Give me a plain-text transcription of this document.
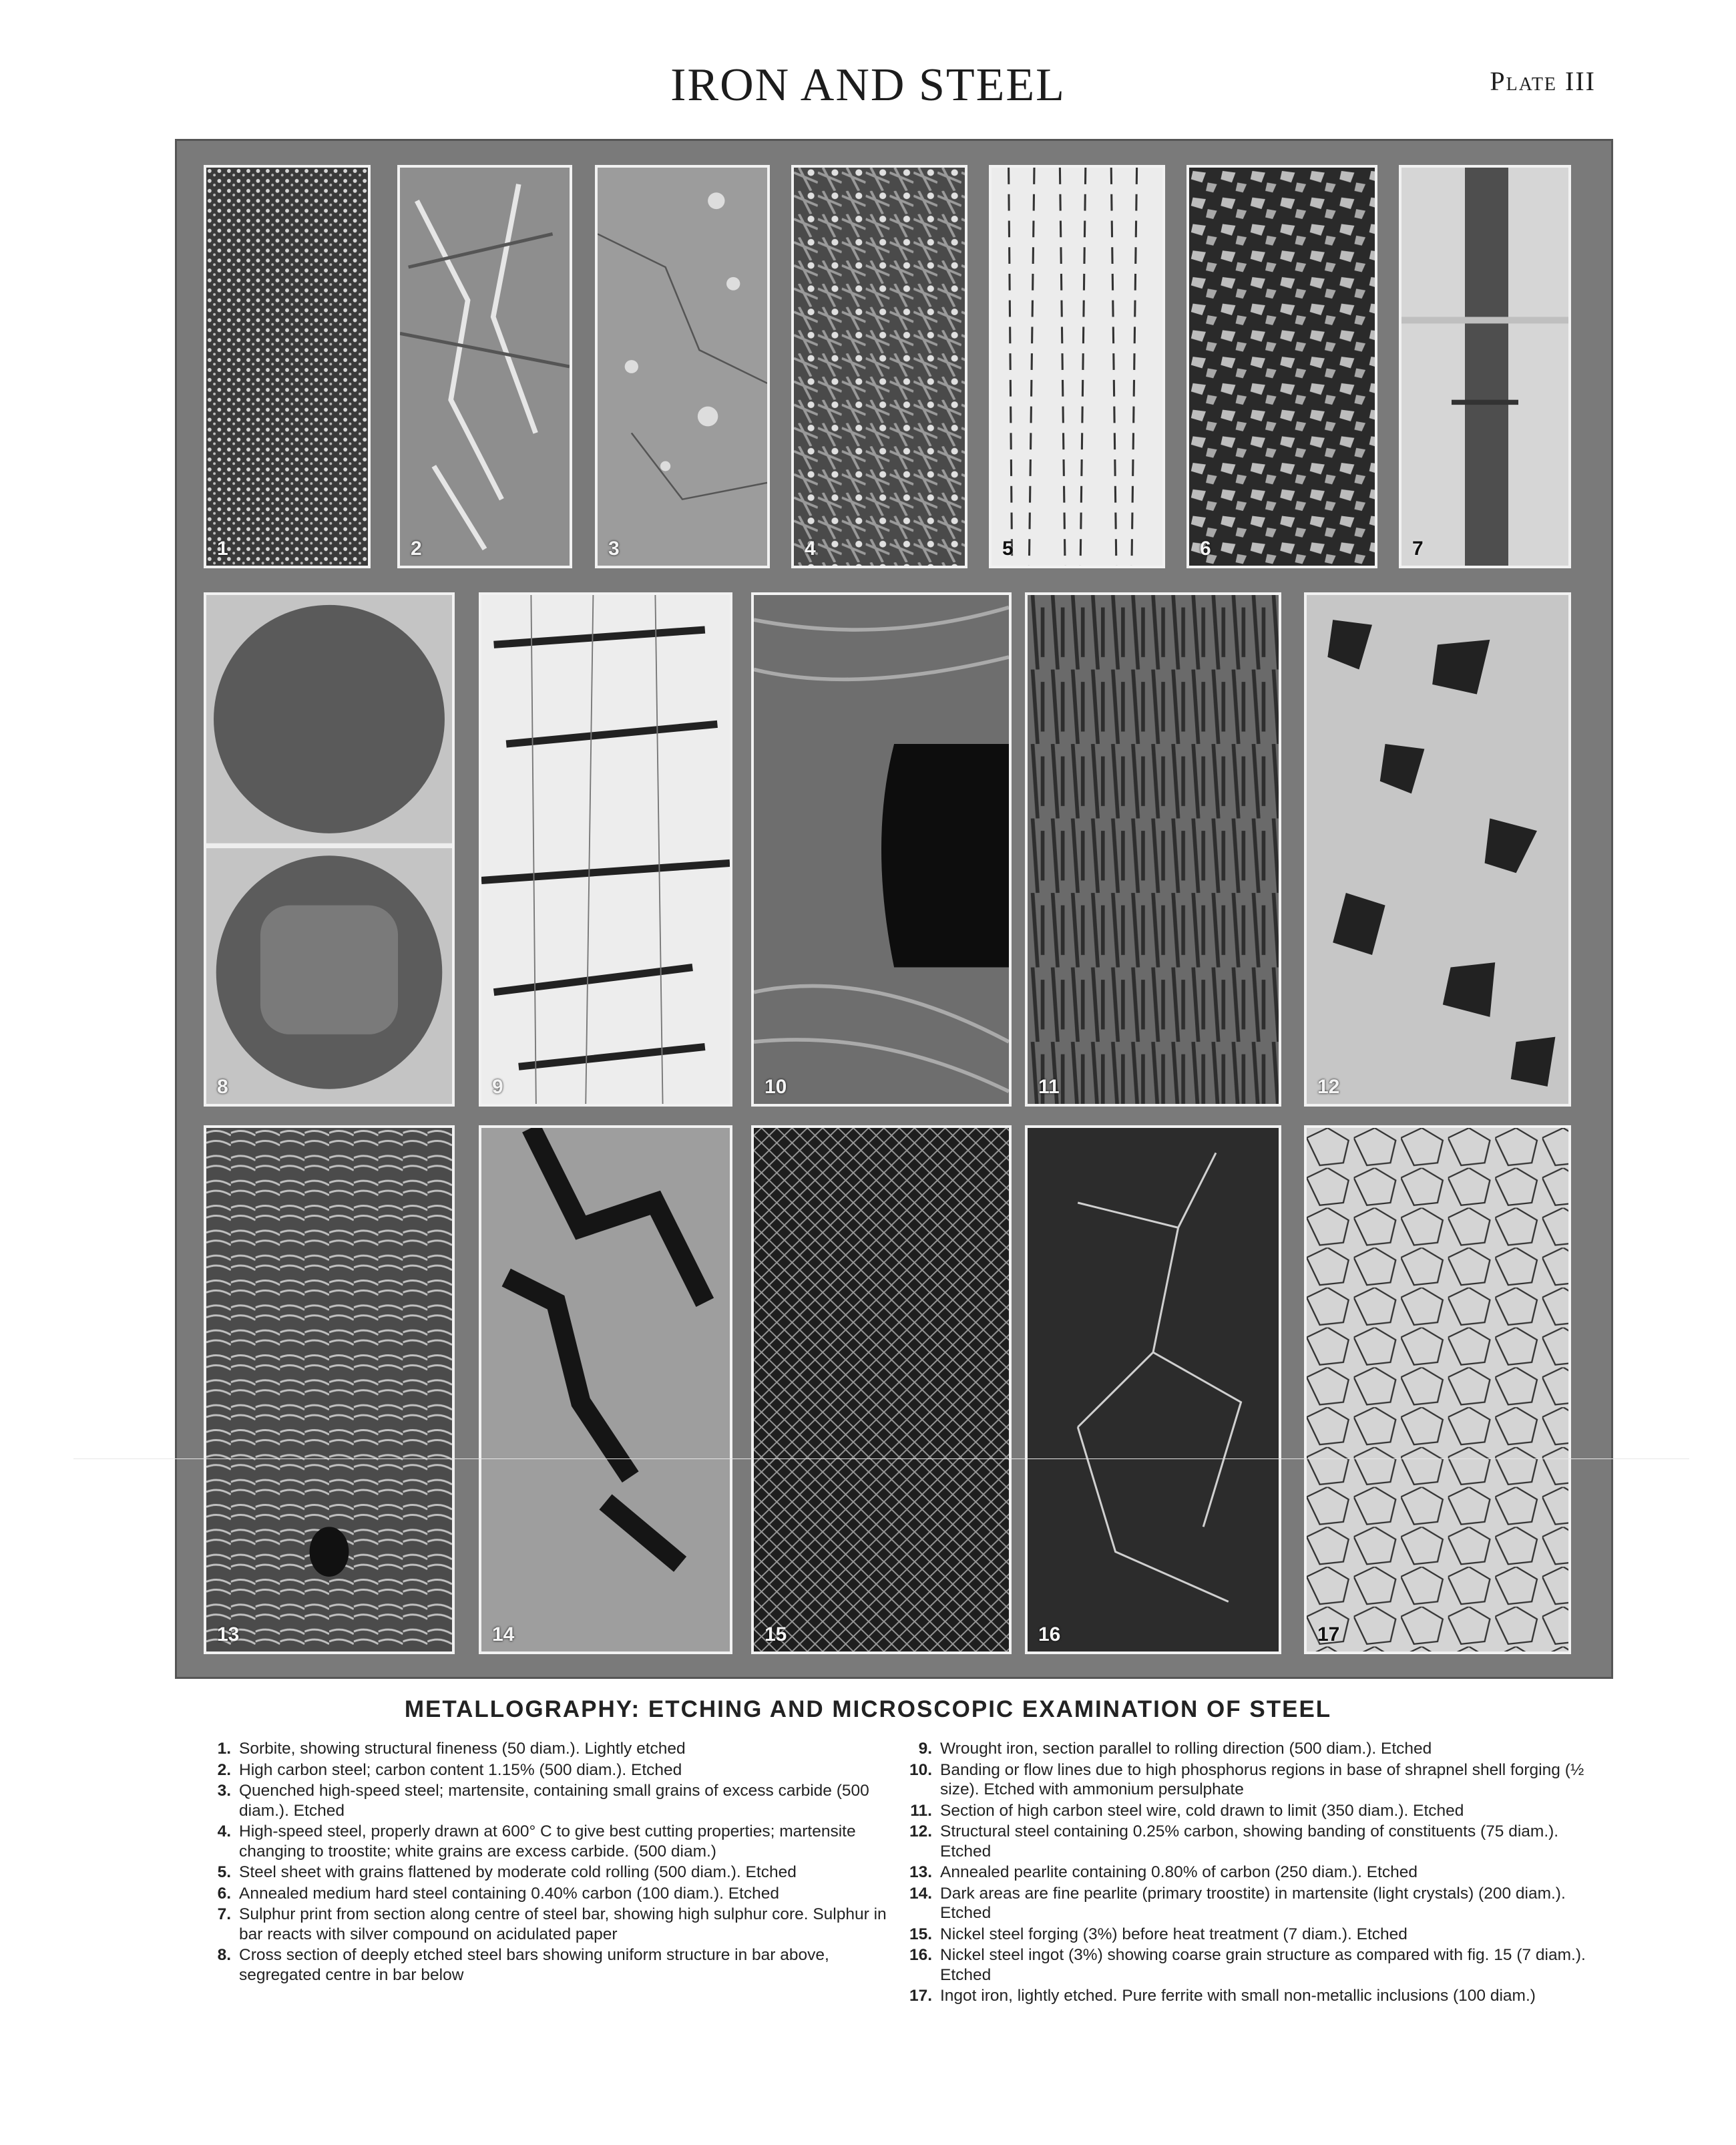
IRON AND STEEL	Plate III
1	2	3	4	5	6	7
8	9	10	11	12
13	14	15	16	17
METALLOGRAPHY: ETCHING AND MICROSCOPIC EXAMINATION OF STEEL
1. Sorbite, showing structural fineness (50 diam.). Lightly etched
2. High carbon steel; carbon content 1.15% (500 diam.). Etched
3. Quenched high-speed steel; martensite, containing small grains of excess carbide (500 diam.). Etched
4. High-speed steel, properly drawn at 600° C to give best cutting properties; martensite changing to troostite; white grains are excess carbide. (500 diam.)
5. Steel sheet with grains flattened by moderate cold rolling (500 diam.). Etched
6. Annealed medium hard steel containing 0.40% carbon (100 diam.). Etched
7. Sulphur print from section along centre of steel bar, showing high sulphur core. Sulphur in bar reacts with silver compound on acidulated paper
8. Cross section of deeply etched steel bars showing uniform structure in bar above, segregated centre in bar below
9. Wrought iron, section parallel to rolling direction (500 diam.). Etched
10. Banding or flow lines due to high phosphorus regions in base of shrapnel shell forging (½ size). Etched with ammonium persulphate
11. Section of high carbon steel wire, cold drawn to limit (350 diam.). Etched
12. Structural steel containing 0.25% carbon, showing banding of constituents (75 diam.). Etched
13. Annealed pearlite containing 0.80% of carbon (250 diam.). Etched
14. Dark areas are fine pearlite (primary troostite) in martensite (light crystals) (200 diam.). Etched
15. Nickel steel forging (3%) before heat treatment (7 diam.). Etched
16. Nickel steel ingot (3%) showing coarse grain structure as compared with fig. 15 (7 diam.). Etched
17. Ingot iron, lightly etched. Pure ferrite with small non-metallic inclusions (100 diam.)
